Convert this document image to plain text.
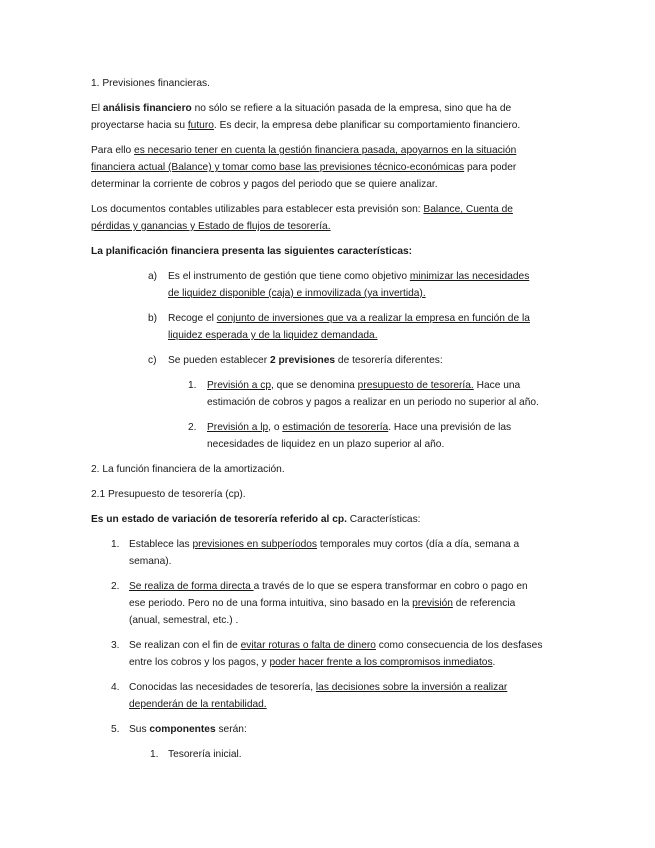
1. Previsiones financieras.
El análisis financiero no sólo se refiere a la situación pasada de la empresa, sino que ha de
proyectarse hacia su futuro. Es decir, la empresa debe planificar su comportamiento financiero.
Para ello es necesario tener en cuenta la gestión financiera pasada, apoyarnos en la situación
financiera actual (Balance) y tomar como base las previsiones técnico-económicas para poder
determinar la corriente de cobros y pagos del periodo que se quiere analizar.
Los documentos contables utilizables para establecer esta previsión son: Balance, Cuenta de
pérdidas y ganancias y Estado de flujos de tesorería.
La planificación financiera presenta las siguientes características:
a) Es el instrumento de gestión que tiene como objetivo minimizar las necesidades
de liquidez disponible (caja) e inmovilizada (ya invertida).
b) Recoge el conjunto de inversiones que va a realizar la empresa en función de la
liquidez esperada y de la liquidez demandada.
c) Se pueden establecer 2 previsiones de tesorería diferentes:
1. Previsión a cp, que se denomina presupuesto de tesorería. Hace una
estimación de cobros y pagos a realizar en un periodo no superior al año.
2. Previsión a lp, o estimación de tesorería. Hace una previsión de las
necesidades de liquidez en un plazo superior al año.
2. La función financiera de la amortización.
2.1 Presupuesto de tesorería (cp).
Es un estado de variación de tesorería referido al cp. Características:
1. Establece las previsiones en subperíodos temporales muy cortos (día a día, semana a
semana).
2. Se realiza de forma directa a través de lo que se espera transformar en cobro o pago en
ese periodo. Pero no de una forma intuitiva, sino basado en la previsión de referencia
(anual, semestral, etc.) .
3. Se realizan con el fin de evitar roturas o falta de dinero como consecuencia de los desfases
entre los cobros y los pagos, y poder hacer frente a los compromisos inmediatos.
4. Conocidas las necesidades de tesorería, las decisiones sobre la inversión a realizar
dependerán de la rentabilidad.
5. Sus componentes serán:
1. Tesorería inicial.
